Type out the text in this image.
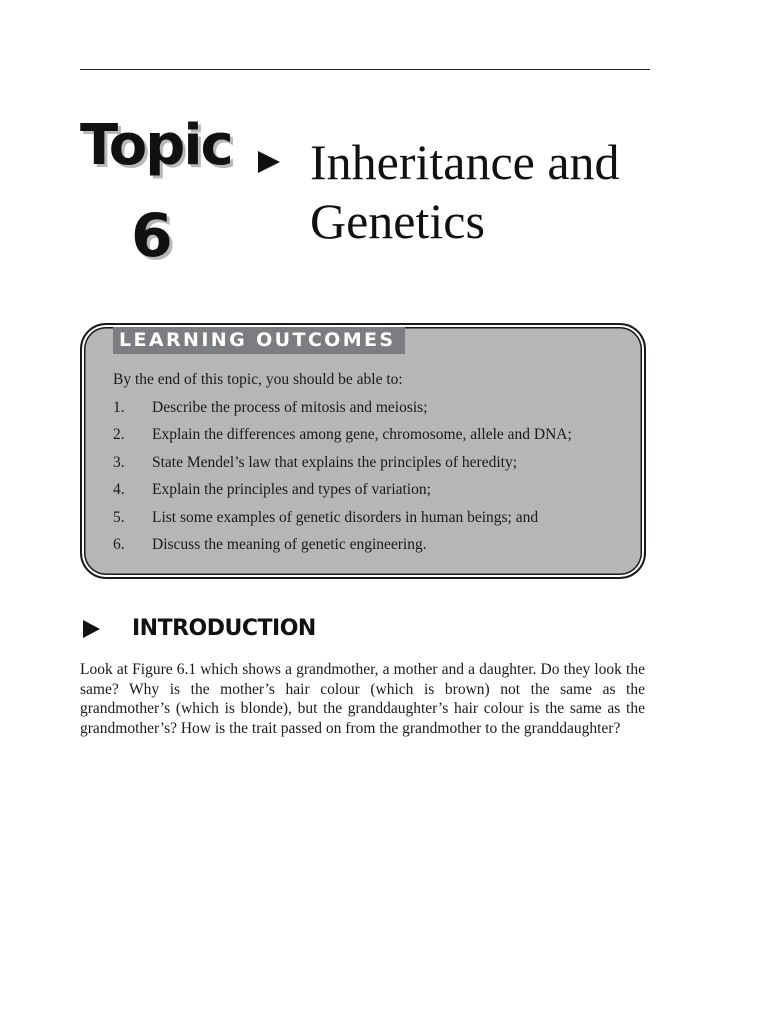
Topic
6
Inheritance and
Genetics
LEARNING OUTCOMES
By the end of this topic, you should be able to:
1. Describe the process of mitosis and meiosis;
2. Explain the differences among gene, chromosome, allele and DNA;
3. State Mendel’s law that explains the principles of heredity;
4. Explain the principles and types of variation;
5. List some examples of genetic disorders in human beings; and
6. Discuss the meaning of genetic engineering.
INTRODUCTION

Look at Figure 6.1 which shows a grandmother, a mother and a daughter. Do they look the same? Why is the mother’s hair colour (which is brown) not the same as the grandmother’s (which is blonde), but the granddaughter’s hair colour is the same as the grandmother’s? How is the trait passed on from the grandmother to the granddaughter?
